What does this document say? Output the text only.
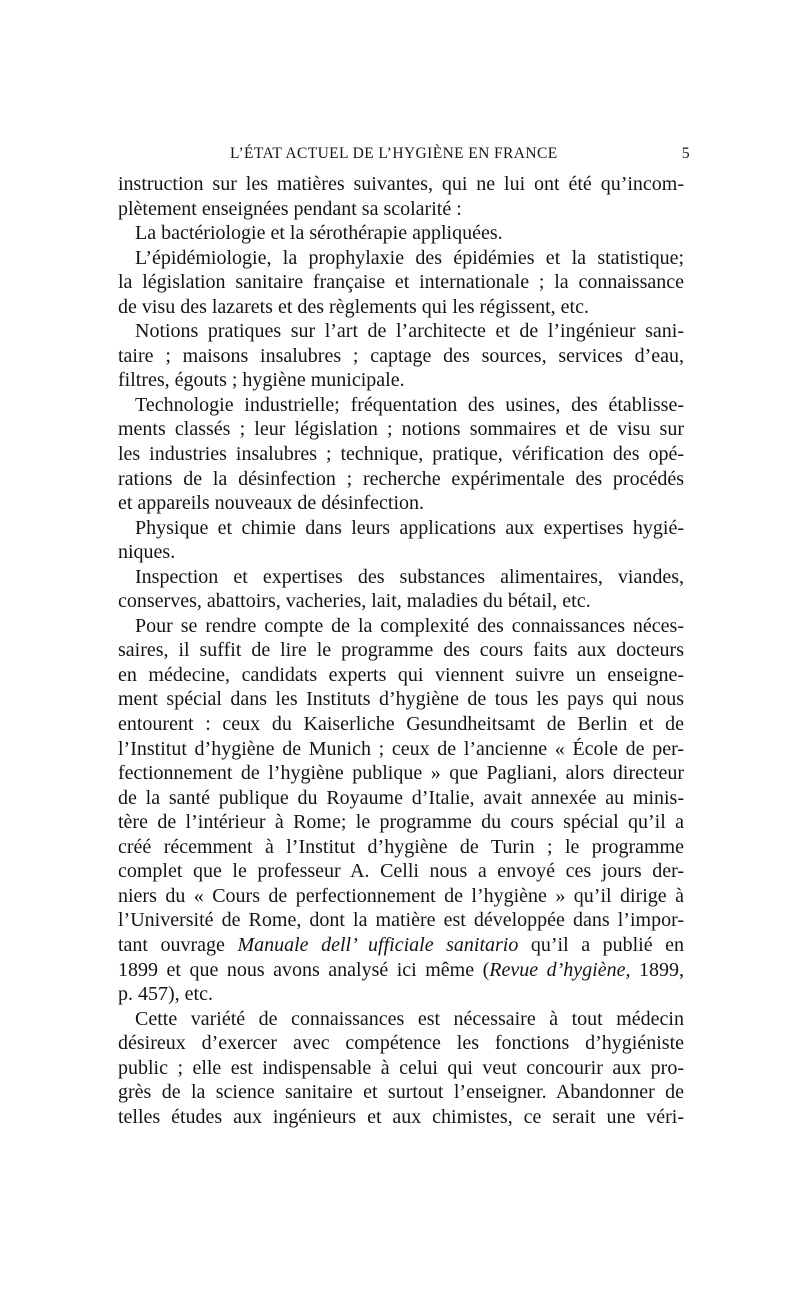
L’ÉTAT ACTUEL DE L’HYGIÈNE EN FRANCE	5
instruction sur les matières suivantes, qui ne lui ont été qu’incom-
plètement enseignées pendant sa scolarité :
La bactériologie et la sérothérapie appliquées.
L’épidémiologie, la prophylaxie des épidémies et la statistique;
la législation sanitaire française et internationale ; la connaissance
de visu des lazarets et des règlements qui les régissent, etc.
Notions pratiques sur l’art de l’architecte et de l’ingénieur sani-
taire ; maisons insalubres ; captage des sources, services d’eau,
filtres, égouts ; hygiène municipale.
Technologie industrielle; fréquentation des usines, des établisse-
ments classés ; leur législation ; notions sommaires et de visu sur
les industries insalubres ; technique, pratique, vérification des opé-
rations de la désinfection ; recherche expérimentale des procédés
et appareils nouveaux de désinfection.
Physique et chimie dans leurs applications aux expertises hygié-
niques.
Inspection et expertises des substances alimentaires, viandes,
conserves, abattoirs, vacheries, lait, maladies du bétail, etc.
Pour se rendre compte de la complexité des connaissances néces-
saires, il suffit de lire le programme des cours faits aux docteurs
en médecine, candidats experts qui viennent suivre un enseigne-
ment spécial dans les Instituts d’hygiène de tous les pays qui nous
entourent : ceux du Kaiserliche Gesundheitsamt de Berlin et de
l’Institut d’hygiène de Munich ; ceux de l’ancienne « École de per-
fectionnement de l’hygiène publique » que Pagliani, alors directeur
de la santé publique du Royaume d’Italie, avait annexée au minis-
tère de l’intérieur à Rome; le programme du cours spécial qu’il a
créé récemment à l’Institut d’hygiène de Turin ; le programme
complet que le professeur A. Celli nous a envoyé ces jours der-
niers du « Cours de perfectionnement de l’hygiène » qu’il dirige à
l’Université de Rome, dont la matière est développée dans l’impor-
tant ouvrage Manuale dell’ ufficiale sanitario qu’il a publié en
1899 et que nous avons analysé ici même (Revue d’hygiène, 1899,
p. 457), etc.
Cette variété de connaissances est nécessaire à tout médecin
désireux d’exercer avec compétence les fonctions d’hygiéniste
public ; elle est indispensable à celui qui veut concourir aux pro-
grès de la science sanitaire et surtout l’enseigner. Abandonner de
telles études aux ingénieurs et aux chimistes, ce serait une véri-
